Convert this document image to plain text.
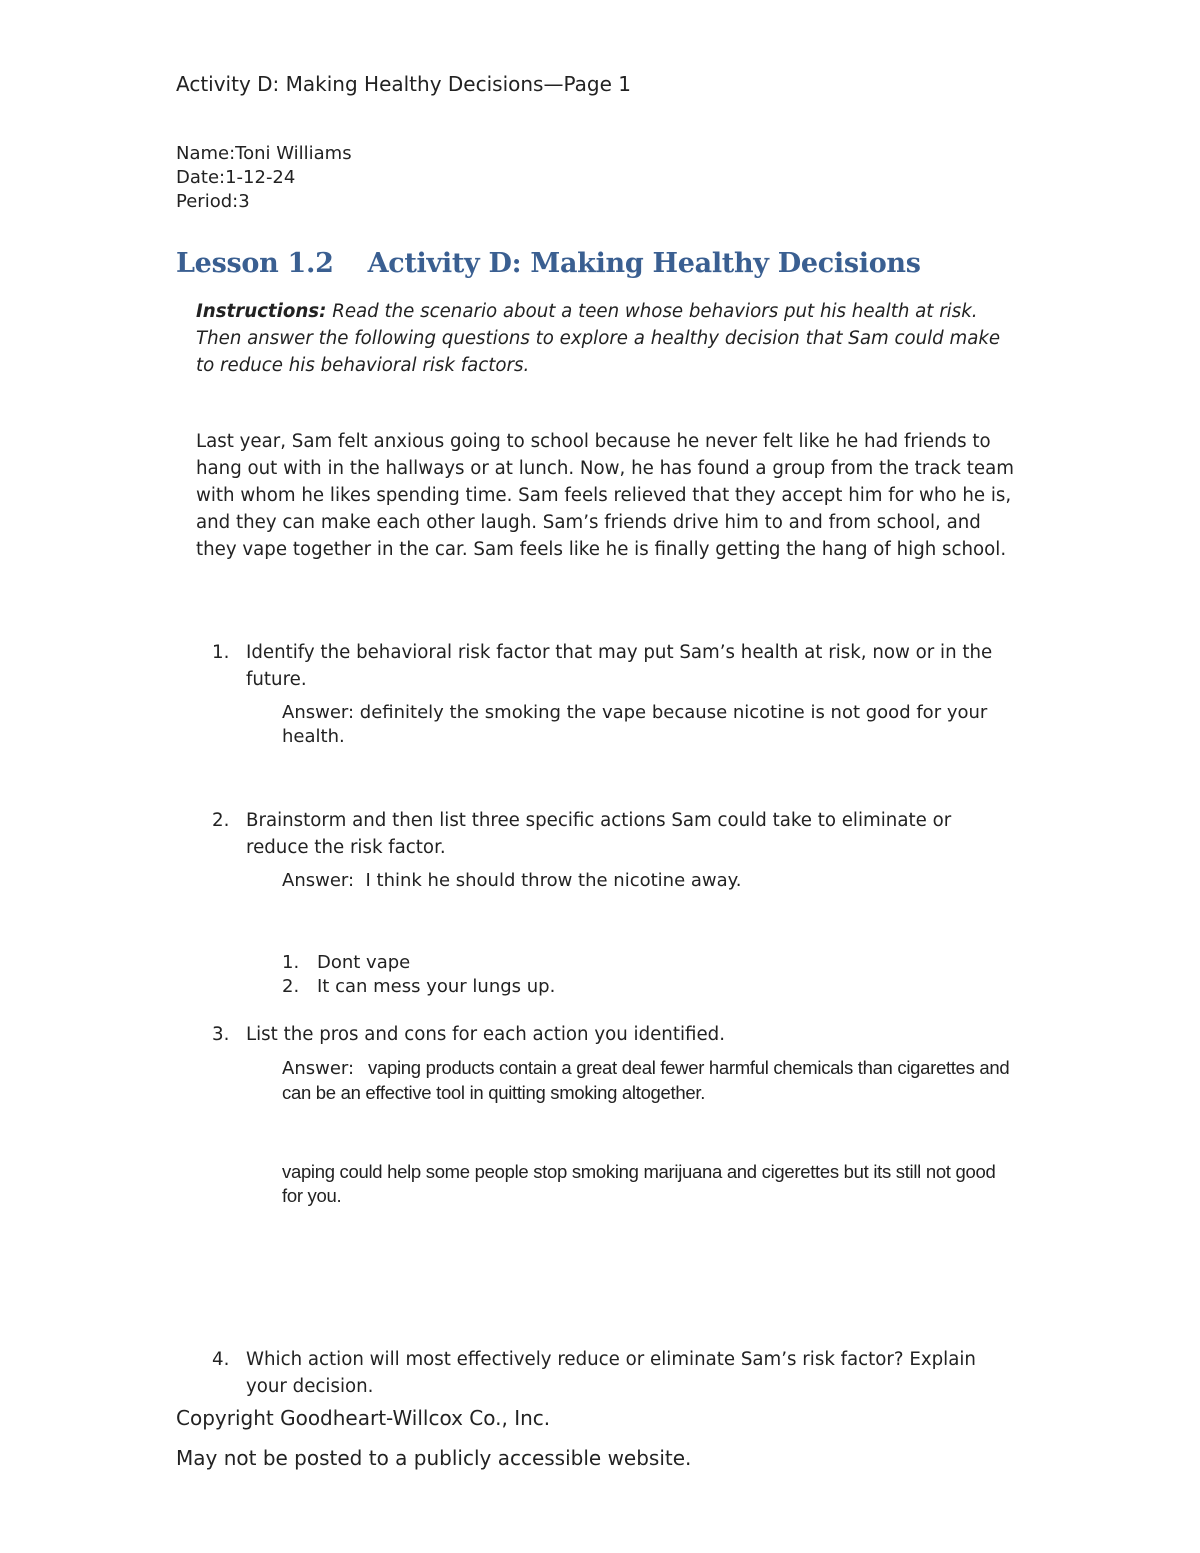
Activity D: Making Healthy Decisions—Page 1
Name:Toni Williams
Date:1-12-24
Period:3
Lesson 1.2 Activity D: Making Healthy Decisions
Instructions: Read the scenario about a teen whose behaviors put his health at risk. Then answer the following questions to explore a healthy decision that Sam could make to reduce his behavioral risk factors.
Last year, Sam felt anxious going to school because he never felt like he had friends to hang out with in the hallways or at lunch. Now, he has found a group from the track team with whom he likes spending time. Sam feels relieved that they accept him for who he is, and they can make each other laugh. Sam’s friends drive him to and from school, and they vape together in the car. Sam feels like he is finally getting the hang of high school.
1. Identify the behavioral risk factor that may put Sam’s health at risk, now or in the future.
Answer: definitely the smoking the vape because nicotine is not good for your health.
2. Brainstorm and then list three specific actions Sam could take to eliminate or reduce the risk factor.
Answer:  I think he should throw the nicotine away.
1. Dont vape
2. It can mess your lungs up.
3. List the pros and cons for each action you identified.
Answer: vaping products contain a great deal fewer harmful chemicals than cigarettes and can be an effective tool in quitting smoking altogether.
vaping could help some people stop smoking marijuana and cigerettes but its still not good for you.
4. Which action will most effectively reduce or eliminate Sam’s risk factor? Explain your decision.
Copyright Goodheart-Willcox Co., Inc.
May not be posted to a publicly accessible website.
